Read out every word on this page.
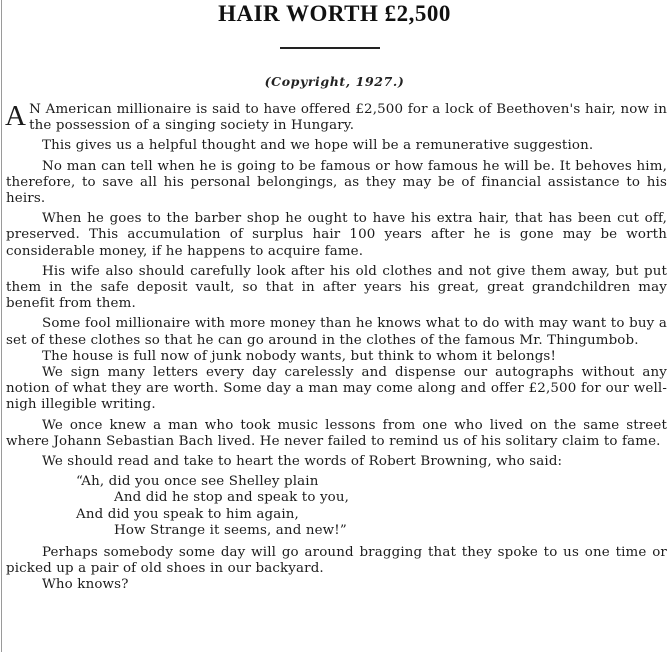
HAIR WORTH £2,500
(Copyright, 1927.)

A N American millionaire is said to have offered £2,500 for a lock of Beethoven's hair, now in the possession of a singing society in Hungary.

This gives us a helpful thought and we hope will be a remunerative suggestion.

No man can tell when he is going to be famous or how famous he will be. It behoves him, therefore, to save all his personal belongings, as they may be of financial assistance to his heirs.

When he goes to the barber shop he ought to have his extra hair, that has been cut off, preserved. This accumulation of surplus hair 100 years after he is gone may be worth considerable money, if he happens to acquire fame.

His wife also should carefully look after his old clothes and not give them away, but put them in the safe deposit vault, so that in after years his great, great grandchildren may benefit from them.

Some fool millionaire with more money than he knows what to do with may want to buy a set of these clothes so that he can go around in the clothes of the famous Mr. Thingumbob.

The house is full now of junk nobody wants, but think to whom it belongs!

We sign many letters every day carelessly and dispense our autographs without any notion of what they are worth. Some day a man may come along and offer £2,500 for our well-nigh illegible writing.

We once knew a man who took music lessons from one who lived on the same street where Johann Sebastian Bach lived. He never failed to remind us of his solitary claim to fame.

We should read and take to heart the words of Robert Browning, who said:

“Ah, did you once see Shelley plain
And did he stop and speak to you,
And did you speak to him again,
How Strange it seems, and new!”

Perhaps somebody some day will go around bragging that they spoke to us one time or picked up a pair of old shoes in our backyard.

Who knows?
